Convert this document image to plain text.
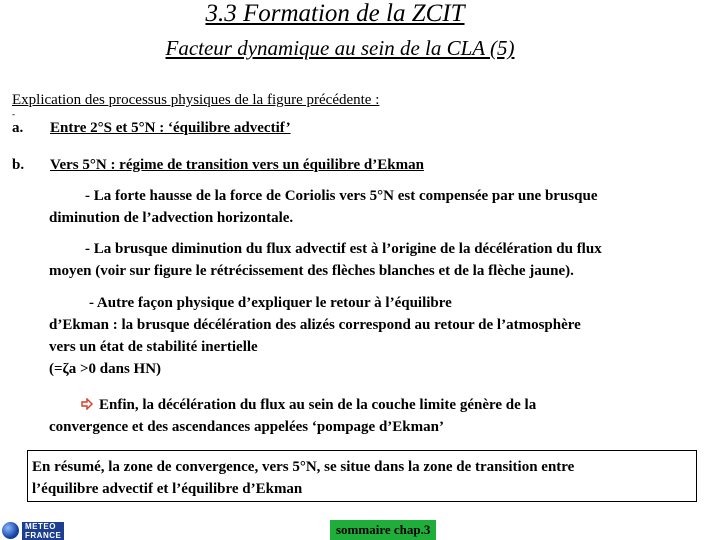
3.3 Formation de la ZCIT
Facteur dynamique au sein de la CLA (5)
Explication des processus physiques de la figure précédente :
-
a. Entre 2°S et 5°N : ‘équilibre advectif’
b. Vers 5°N : régime de transition vers un équilibre d’Ekman
- La forte hausse de la force de Coriolis vers 5°N est compensée par une brusque
diminution de l’advection horizontale.
- La brusque diminution du flux advectif est à l’origine de la décélération du flux
moyen (voir sur figure le rétrécissement des flèches blanches et de la flèche jaune).
- Autre façon physique d’expliquer le retour à l’équilibre
d’Ekman : la brusque décélération des alizés correspond au retour de l’atmosphère
vers un état de stabilité inertielle
(=ζa >0 dans HN)
Enfin, la décélération du flux au sein de la couche limite génère de la
convergence et des ascendances appelées ‘pompage d’Ekman’
En résumé, la zone de convergence, vers 5°N, se situe dans la zone de transition entre
l’équilibre advectif et l’équilibre d’Ekman
METEO
FRANCE	sommaire chap.3
